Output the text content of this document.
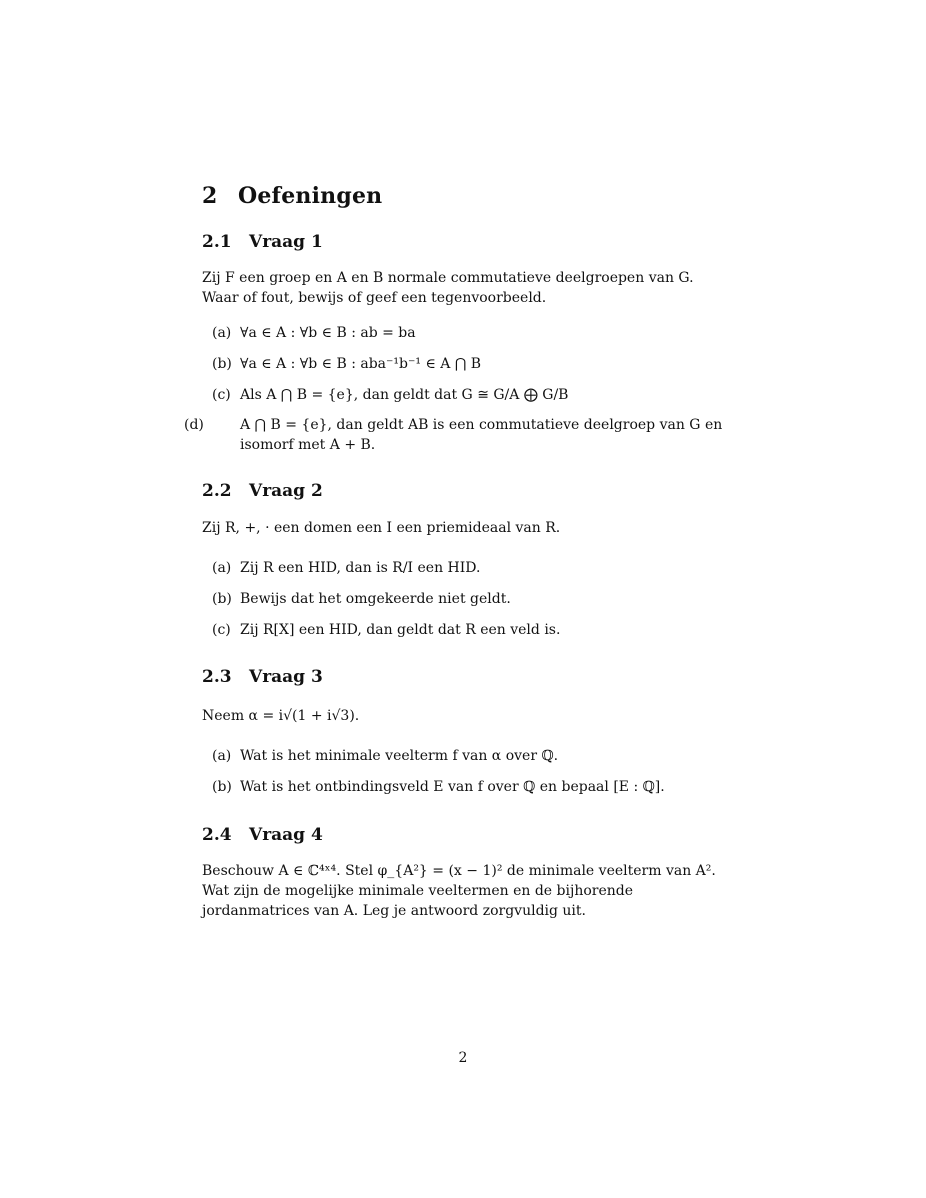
2 Oefeningen
2.1 Vraag 1
Zij F een groep en A en B normale commutatieve deelgroepen van G. Waar of fout, bewijs of geef een tegenvoorbeeld.
(a) ∀a ∈ A : ∀b ∈ B : ab = ba
(b) ∀a ∈ A : ∀b ∈ B : aba⁻¹b⁻¹ ∈ A ⋂ B
(c) Als A ⋂ B = {e}, dan geldt dat G ≅ G/A ⨁ G/B
(d)	A ⋂ B = {e}, dan geldt AB is een commutatieve deelgroep van G en isomorf met A + B.
2.2 Vraag 2
Zij R, +, · een domen een I een priemideaal van R.
(a) Zij R een HID, dan is R/I een HID.
(b) Bewijs dat het omgekeerde niet geldt.
(c) Zij R[X] een HID, dan geldt dat R een veld is.
2.3 Vraag 3
Neem α = i√(1 + i√3).
(a) Wat is het minimale veelterm f van α over ℚ.
(b) Wat is het ontbindingsveld E van f over ℚ en bepaal [E : ℚ].
2.4 Vraag 4
Beschouw A ∈ ℂ⁴ˣ⁴. Stel φ_{A²} = (x − 1)² de minimale veelterm van A². Wat zijn de mogelijke minimale veeltermen en de bijhorende jordanmatrices van A. Leg je antwoord zorgvuldig uit.
2
